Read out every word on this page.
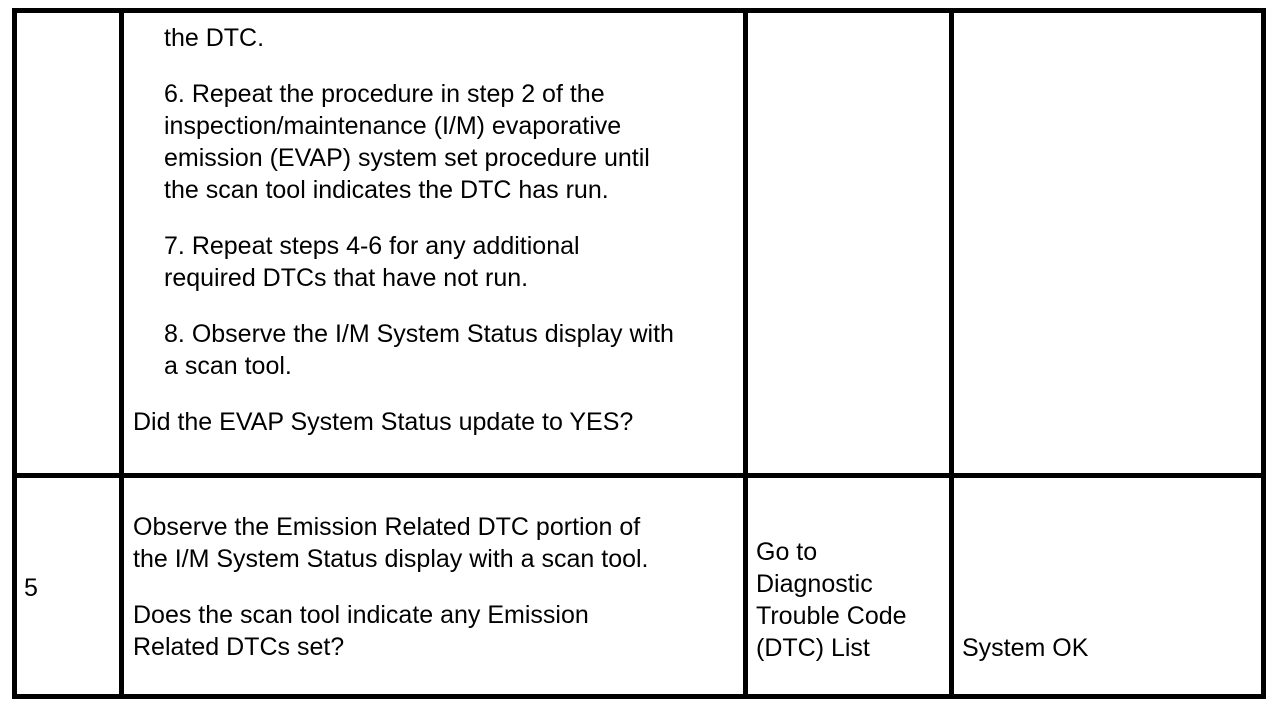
the DTC.

6. Repeat the procedure in step 2 of the
inspection/maintenance (I/M) evaporative
emission (EVAP) system set procedure until
the scan tool indicates the DTC has run.
7. Repeat steps 4-6 for any additional
required DTCs that have not run.
8. Observe the I/M System Status display with
a scan tool.

Did the EVAP System Status update to YES?

5
Observe the Emission Related DTC portion of
the I/M System Status display with a scan tool.
Does the scan tool indicate any Emission
Related DTCs set?
Go to
Diagnostic
Trouble Code
(DTC) List	System OK
